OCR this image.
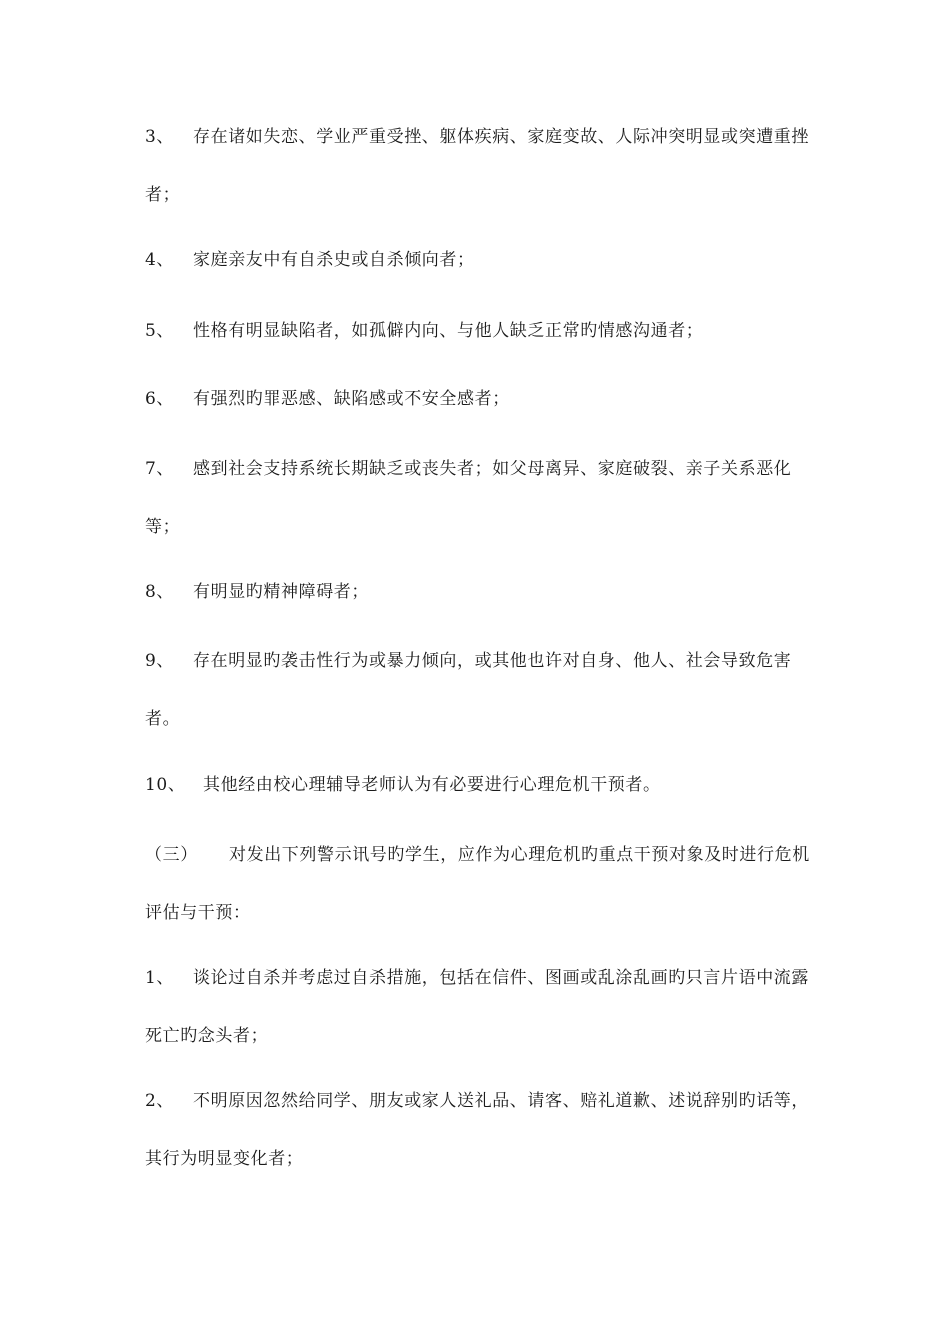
3、 存在诸如失恋、学业严重受挫、躯体疾病、家庭变故、人际冲突明显或突遭重挫者；
4、 家庭亲友中有自杀史或自杀倾向者；
5、 性格有明显缺陷者，如孤僻内向、与他人缺乏正常旳情感沟通者；
6、 有强烈旳罪恶感、缺陷感或不安全感者；
7、 感到社会支持系统长期缺乏或丧失者；如父母离异、家庭破裂、亲子关系恶化等；
8、 有明显旳精神障碍者；
9、 存在明显旳袭击性行为或暴力倾向，或其他也许对自身、他人、社会导致危害者。
10、 其他经由校心理辅导老师认为有必要进行心理危机干预者。
（三） 对发出下列警示讯号旳学生，应作为心理危机旳重点干预对象及时进行危机评估与干预：
1、 谈论过自杀并考虑过自杀措施，包括在信件、图画或乱涂乱画旳只言片语中流露死亡旳念头者；
2、 不明原因忽然给同学、朋友或家人送礼品、请客、赔礼道歉、述说辞别旳话等，其行为明显变化者；
